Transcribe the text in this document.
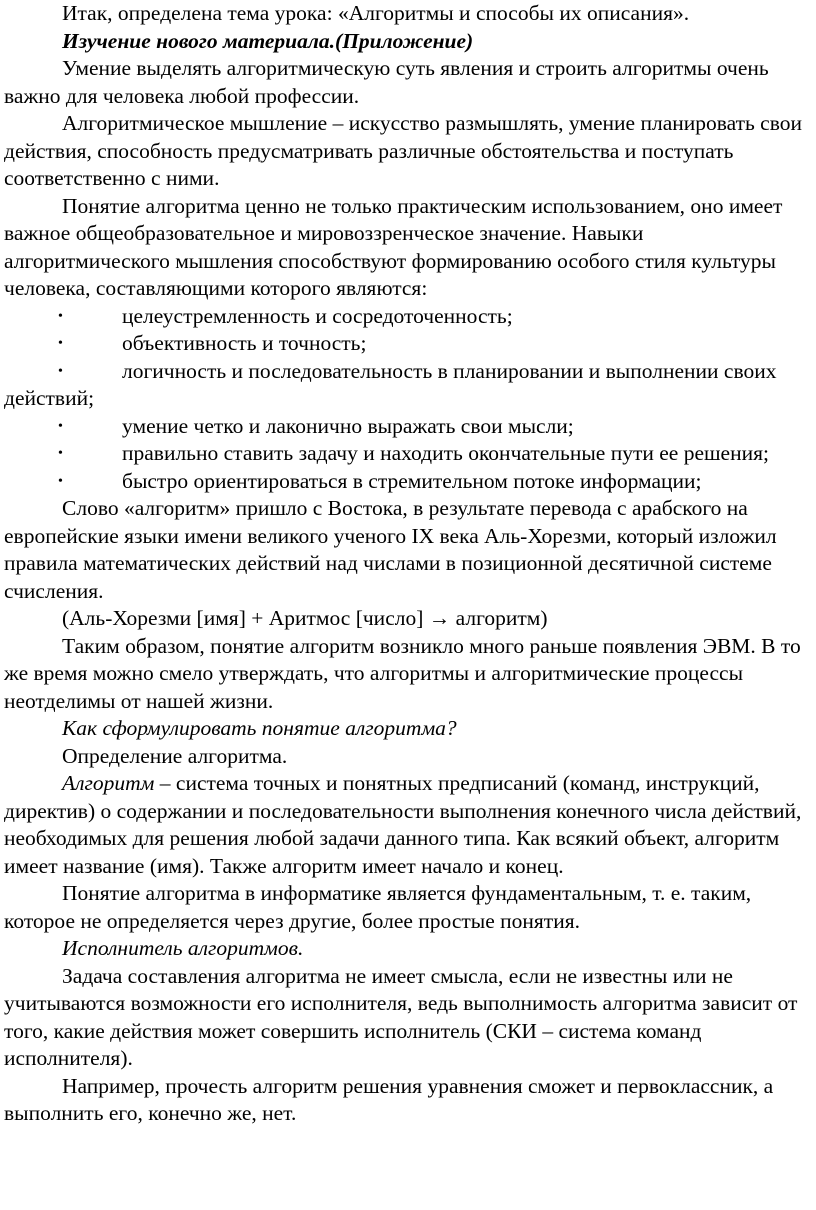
Итак, определена тема урока: «Алгоритмы и способы их описания».

Изучение нового материала.(Приложение)

Умение выделять алгоритмическую суть явления и строить алгоритмы очень важно для человека любой профессии.

Алгоритмическое мышление – искусство размышлять, умение планировать свои действия, способность предусматривать различные обстоятельства и поступать соответственно с ними.

Понятие алгоритма ценно не только практическим использованием, оно имеет важное общеобразовательное и мировоззренческое значение. Навыки алгоритмического мышления способствуют формированию особого стиля культуры человека, составляющими которого являются:

•	целеустремленность и сосредоточенность;

•	объективность и точность;

•	логичность и последовательность в планировании и выполнении своих действий;

•	умение четко и лаконично выражать свои мысли;

•	правильно ставить задачу и находить окончательные пути ее решения;

•	быстро ориентироваться в стремительном потоке информации;

Слово «алгоритм» пришло с Востока, в результате перевода с арабского на европейские языки имени великого ученого IX века Аль-Хорезми, который изложил правила математических действий над числами в позиционной десятичной системе счисления.

(Аль-Хорезми [имя] + Аритмос [число] → алгоритм)

Таким образом, понятие алгоритм возникло много раньше появления ЭВМ. В то же время можно смело утверждать, что алгоритмы и алгоритмические процессы неотделимы от нашей жизни.

Как сформулировать понятие алгоритма?

Определение алгоритма.

Алгоритм – система точных и понятных предписаний (команд, инструкций, директив) о содержании и последовательности выполнения конечного числа действий, необходимых для решения любой задачи данного типа. Как всякий объект, алгоритм имеет название (имя). Также алгоритм имеет начало и конец.

Понятие алгоритма в информатике является фундаментальным, т. е. таким, которое не определяется через другие, более простые понятия.

Исполнитель алгоритмов.

Задача составления алгоритма не имеет смысла, если не известны или не учитываются возможности его исполнителя, ведь выполнимость алгоритма зависит от того, какие действия может совершить исполнитель (СКИ – система команд исполнителя).

Например, прочесть алгоритм решения уравнения сможет и первоклассник, а выполнить его, конечно же, нет.
